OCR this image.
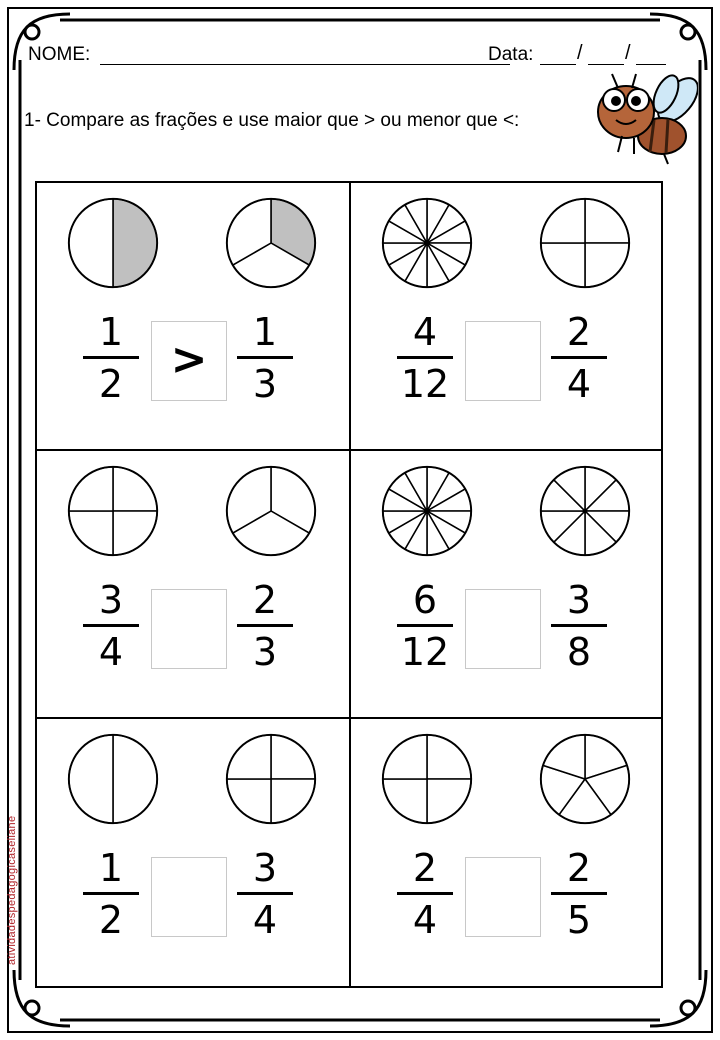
NOME:	Data: / /
1- Compare as frações e use maior que > ou menor que <:
1
2
1
3
>
4
12
2
4
3
4
2
3
6
12
3
8
1
2
3
4
2
4
2
5
atividadespedagogicaseliane
